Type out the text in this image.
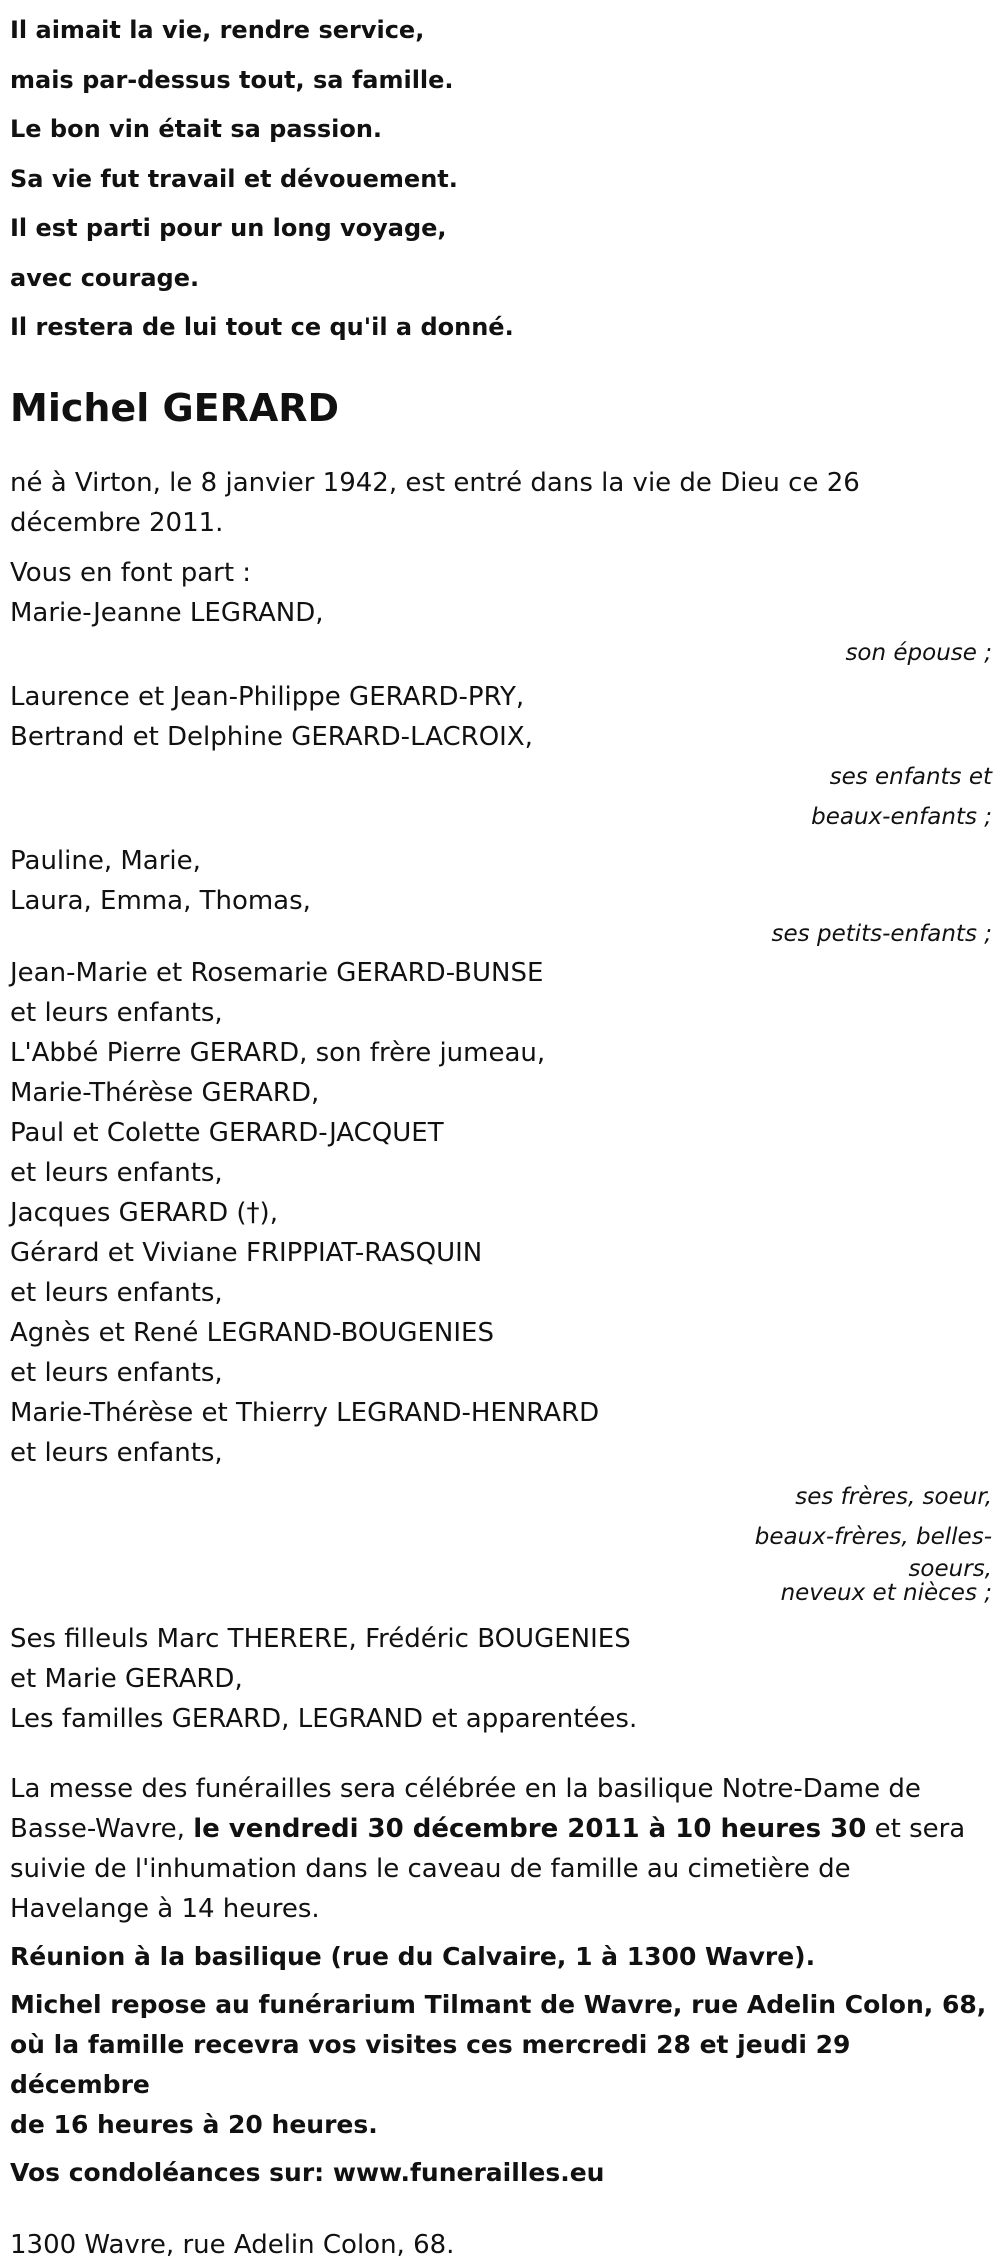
Il aimait la vie, rendre service,

mais par-dessus tout, sa famille.

Le bon vin était sa passion.

Sa vie fut travail et dévouement.

Il est parti pour un long voyage,

avec courage.

Il restera de lui tout ce qu'il a donné.

Michel GERARD

né à Virton, le 8 janvier 1942, est entré dans la vie de Dieu ce 26 décembre 2011.

Vous en font part :

Marie-Jeanne LEGRAND,

son épouse ;

Laurence et Jean-Philippe GERARD-PRY,

Bertrand et Delphine GERARD-LACROIX,

ses enfants et

beaux-enfants ;

Pauline, Marie,

Laura, Emma, Thomas,

ses petits-enfants ;

Jean-Marie et Rosemarie GERARD-BUNSE

et leurs enfants,

L'Abbé Pierre GERARD, son frère jumeau,

Marie-Thérèse GERARD,

Paul et Colette GERARD-JACQUET

et leurs enfants,

Jacques GERARD (†),

Gérard et Viviane FRIPPIAT-RASQUIN

et leurs enfants,

Agnès et René LEGRAND-BOUGENIES

et leurs enfants,

Marie-Thérèse et Thierry LEGRAND-HENRARD

et leurs enfants,

ses frères, soeur,

beaux-frères, belles-

soeurs,

neveux et nièces ;

Ses filleuls Marc THERERE, Frédéric BOUGENIES

et Marie GERARD,

Les familles GERARD, LEGRAND et apparentées.

La messe des funérailles sera célébrée en la basilique Notre-Dame de

Basse-Wavre, le vendredi 30 décembre 2011 à 10 heures 30 et sera

suivie de l'inhumation dans le caveau de famille au cimetière de

Havelange à 14 heures.

Réunion à la basilique (rue du Calvaire, 1 à 1300 Wavre).

Michel repose au funérarium Tilmant de Wavre, rue Adelin Colon, 68,

où la famille recevra vos visites ces mercredi 28 et jeudi 29 décembre

de 16 heures à 20 heures.

Vos condoléances sur: www.funerailles.eu

1300 Wavre, rue Adelin Colon, 68.
